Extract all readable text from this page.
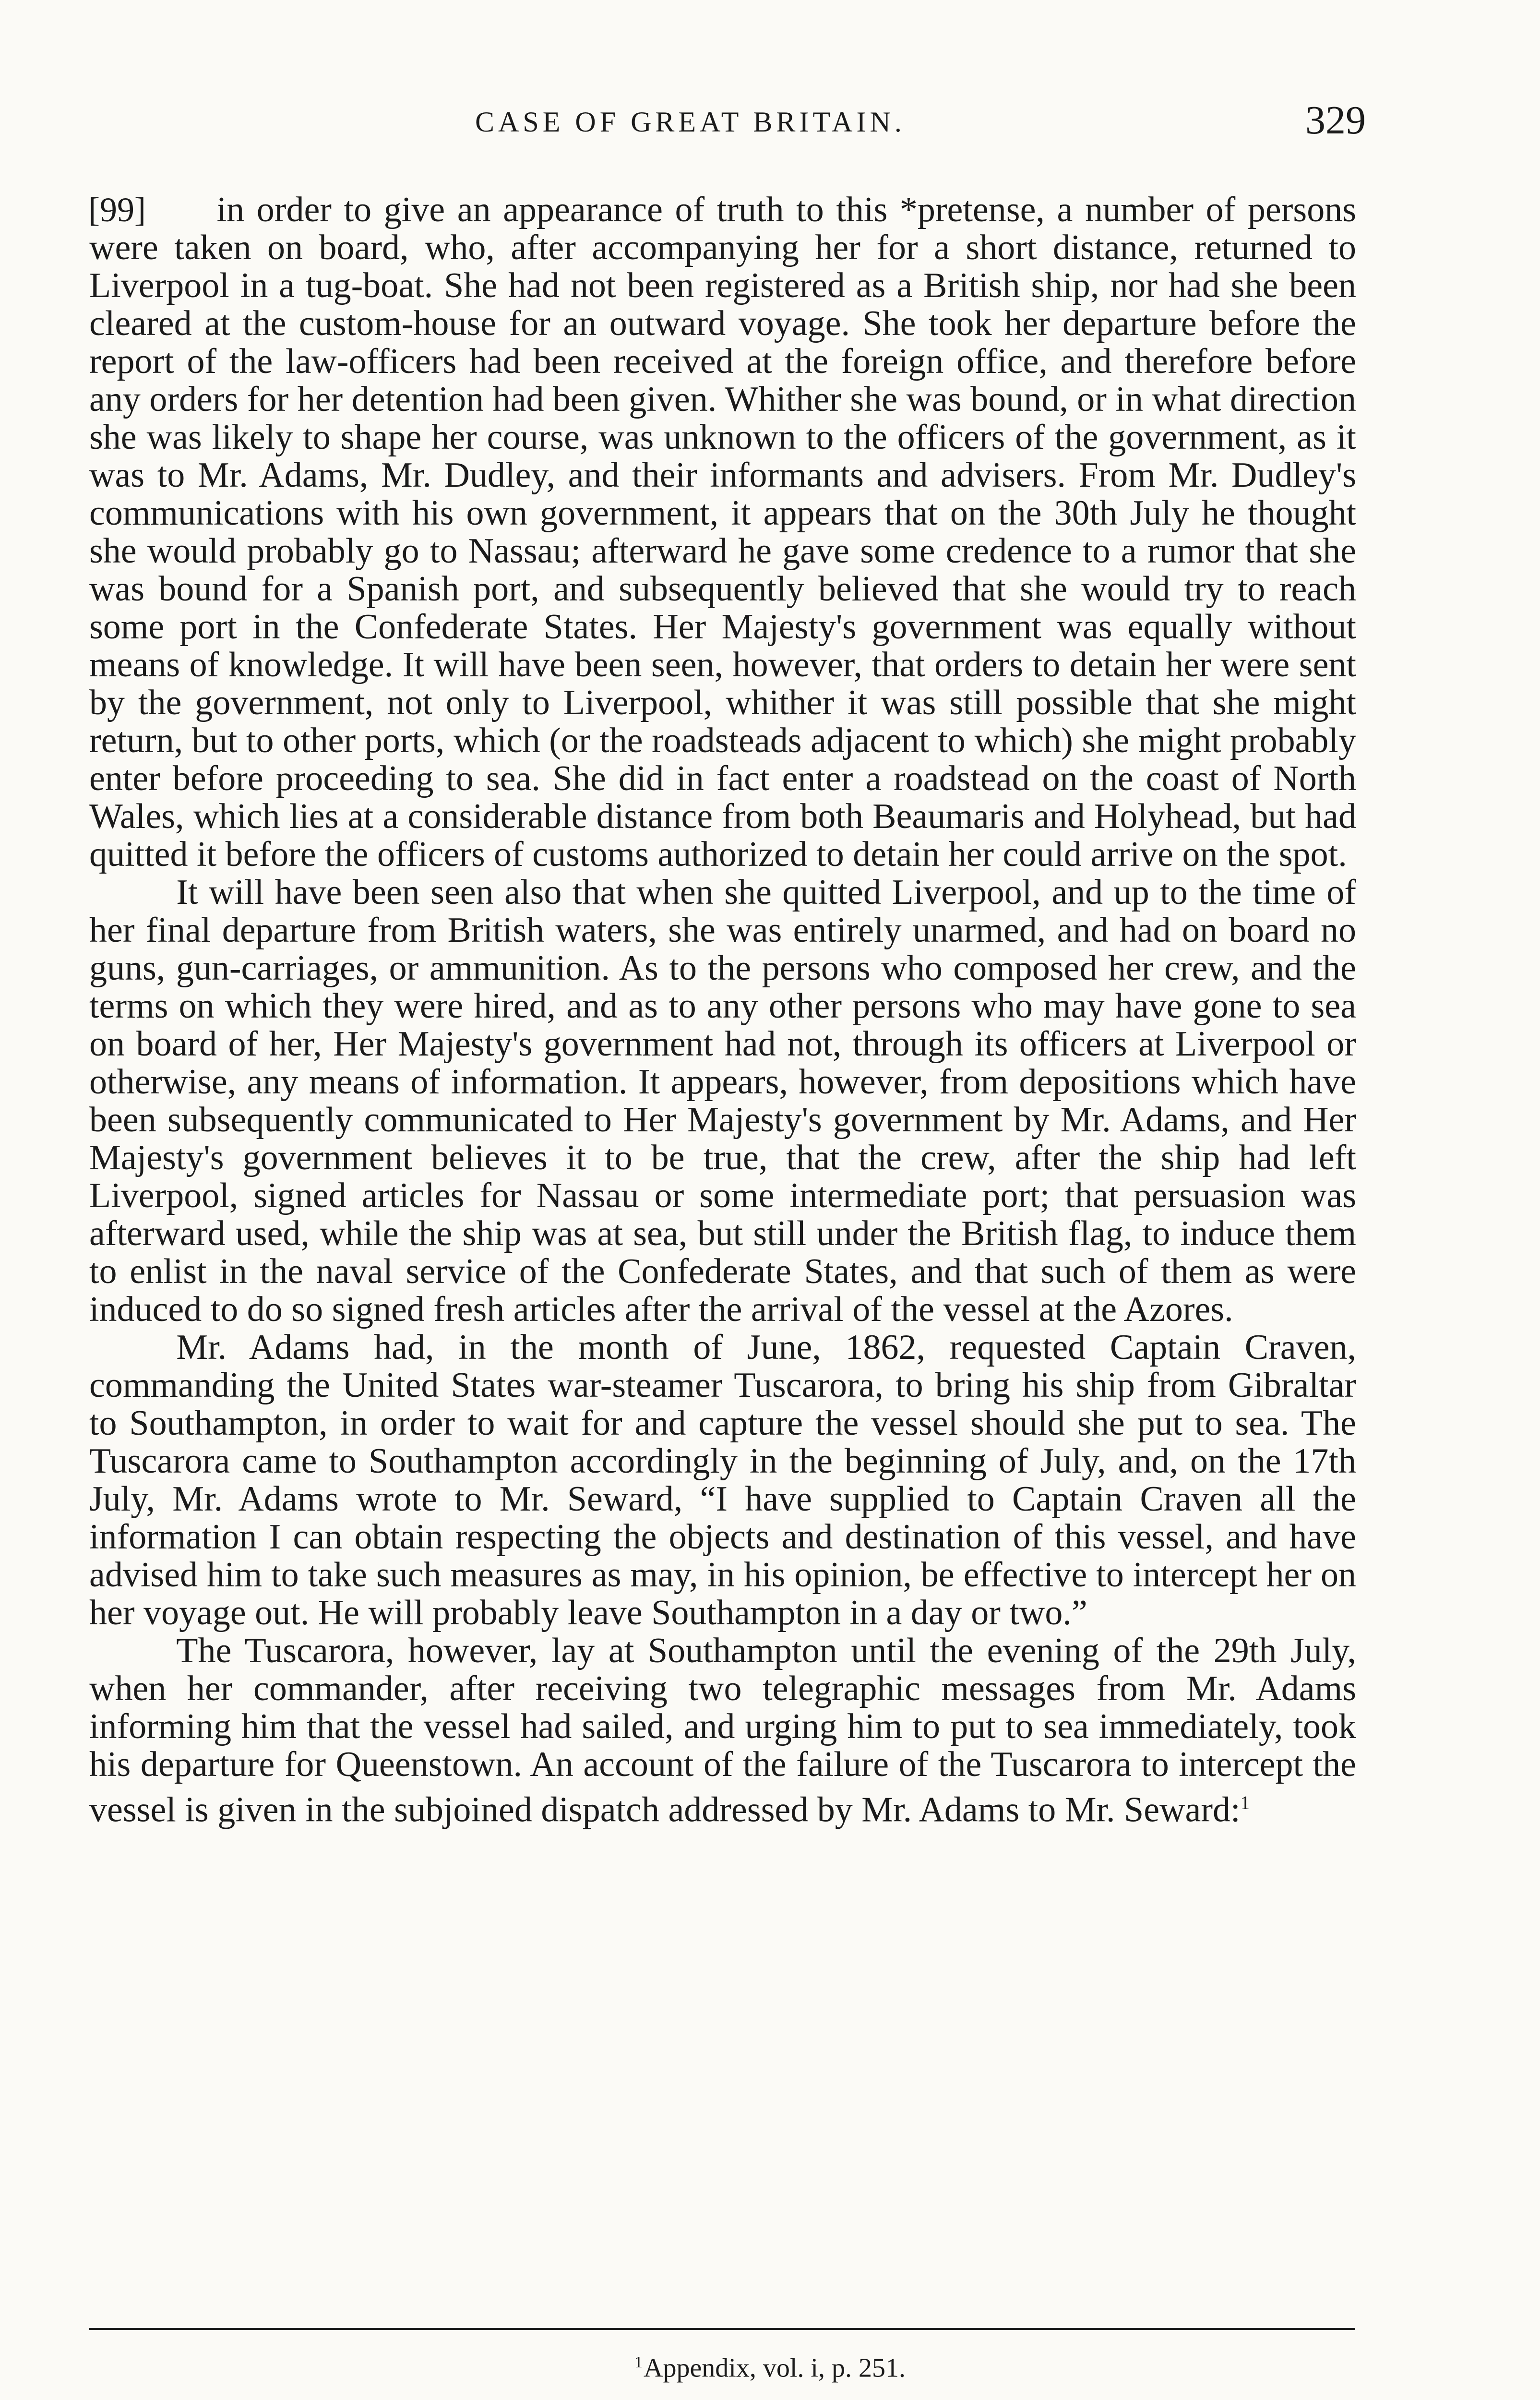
CASE OF GREAT BRITAIN.	329

[99] in order to give an appearance of truth to this *pretense, a number of persons were taken on board, who, after accompanying her for a short distance, returned to Liverpool in a tug-boat. She had not been registered as a British ship, nor had she been cleared at the custom-house for an outward voyage. She took her departure before the report of the law-officers had been received at the foreign office, and therefore before any orders for her detention had been given. Whither she was bound, or in what direction she was likely to shape her course, was unknown to the officers of the government, as it was to Mr. Adams, Mr. Dudley, and their informants and advisers. From Mr. Dudley's communications with his own government, it appears that on the 30th July he thought she would probably go to Nassau; afterward he gave some credence to a rumor that she was bound for a Spanish port, and subsequently believed that she would try to reach some port in the Confederate States. Her Majesty's government was equally without means of knowledge. It will have been seen, however, that orders to detain her were sent by the government, not only to Liverpool, whither it was still possible that she might return, but to other ports, which (or the roadsteads adjacent to which) she might probably enter before proceeding to sea. She did in fact enter a roadstead on the coast of North Wales, which lies at a considerable distance from both Beaumaris and Holyhead, but had quitted it before the officers of customs authorized to detain her could arrive on the spot.

It will have been seen also that when she quitted Liverpool, and up to the time of her final departure from British waters, she was entirely unarmed, and had on board no guns, gun-carriages, or ammunition. As to the persons who composed her crew, and the terms on which they were hired, and as to any other persons who may have gone to sea on board of her, Her Majesty's government had not, through its officers at Liverpool or otherwise, any means of information. It appears, however, from depositions which have been subsequently communicated to Her Majesty's government by Mr. Adams, and Her Majesty's government believes it to be true, that the crew, after the ship had left Liverpool, signed articles for Nassau or some intermediate port; that persuasion was afterward used, while the ship was at sea, but still under the British flag, to induce them to enlist in the naval service of the Confederate States, and that such of them as were induced to do so signed fresh articles after the arrival of the vessel at the Azores.

Mr. Adams had, in the month of June, 1862, requested Captain Craven, commanding the United States war-steamer Tuscarora, to bring his ship from Gibraltar to Southampton, in order to wait for and capture the vessel should she put to sea. The Tuscarora came to Southampton accordingly in the beginning of July, and, on the 17th July, Mr. Adams wrote to Mr. Seward, “I have supplied to Captain Craven all the information I can obtain respecting the objects and destination of this vessel, and have advised him to take such measures as may, in his opinion, be effective to intercept her on her voyage out. He will probably leave Southampton in a day or two.”

The Tuscarora, however, lay at Southampton until the evening of the 29th July, when her commander, after receiving two telegraphic messages from Mr. Adams informing him that the vessel had sailed, and urging him to put to sea immediately, took his departure for Queenstown. An account of the failure of the Tuscarora to intercept the vessel is given in the subjoined dispatch addressed by Mr. Adams to Mr. Seward:$^1$

$^1$Appendix, vol. i, p. 251.
